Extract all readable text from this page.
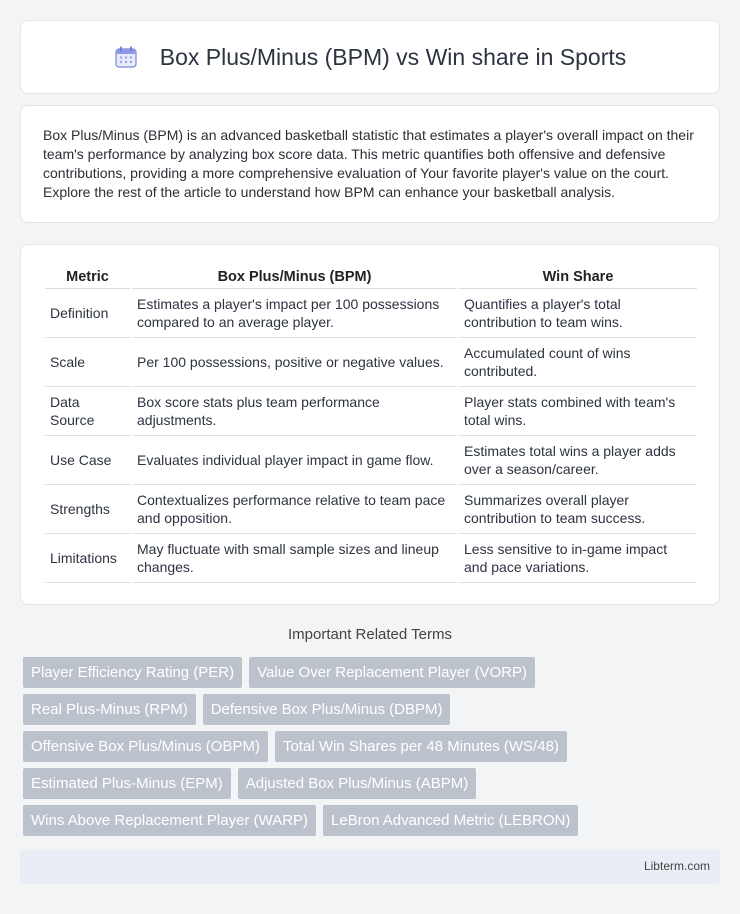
Box Plus/Minus (BPM) vs Win share in Sports

Box Plus/Minus (BPM) is an advanced basketball statistic that estimates a player's overall impact on their team's performance by analyzing box score data. This metric quantifies both offensive and defensive contributions, providing a more comprehensive evaluation of Your favorite player's value on the court. Explore the rest of the article to understand how BPM can enhance your basketball analysis.

Metric	Box Plus/Minus (BPM)	Win Share
Definition	Estimates a player's impact per 100 possessions compared to an average player.	Quantifies a player's total contribution to team wins.
Scale	Per 100 possessions, positive or negative values.	Accumulated count of wins contributed.
Data Source	Box score stats plus team performance adjustments.	Player stats combined with team's total wins.
Use Case	Evaluates individual player impact in game flow.	Estimates total wins a player adds over a season/career.
Strengths	Contextualizes performance relative to team pace and opposition.	Summarizes overall player contribution to team success.
Limitations	May fluctuate with small sample sizes and lineup changes.	Less sensitive to in-game impact and pace variations.
Important Related Terms
Player Efficiency Rating (PER)	Value Over Replacement Player (VORP)
Real Plus-Minus (RPM)	Defensive Box Plus/Minus (DBPM)
Offensive Box Plus/Minus (OBPM)	Total Win Shares per 48 Minutes (WS/48)
Estimated Plus-Minus (EPM)	Adjusted Box Plus/Minus (ABPM)
Wins Above Replacement Player (WARP)	LeBron Advanced Metric (LEBRON)
Libterm.com
